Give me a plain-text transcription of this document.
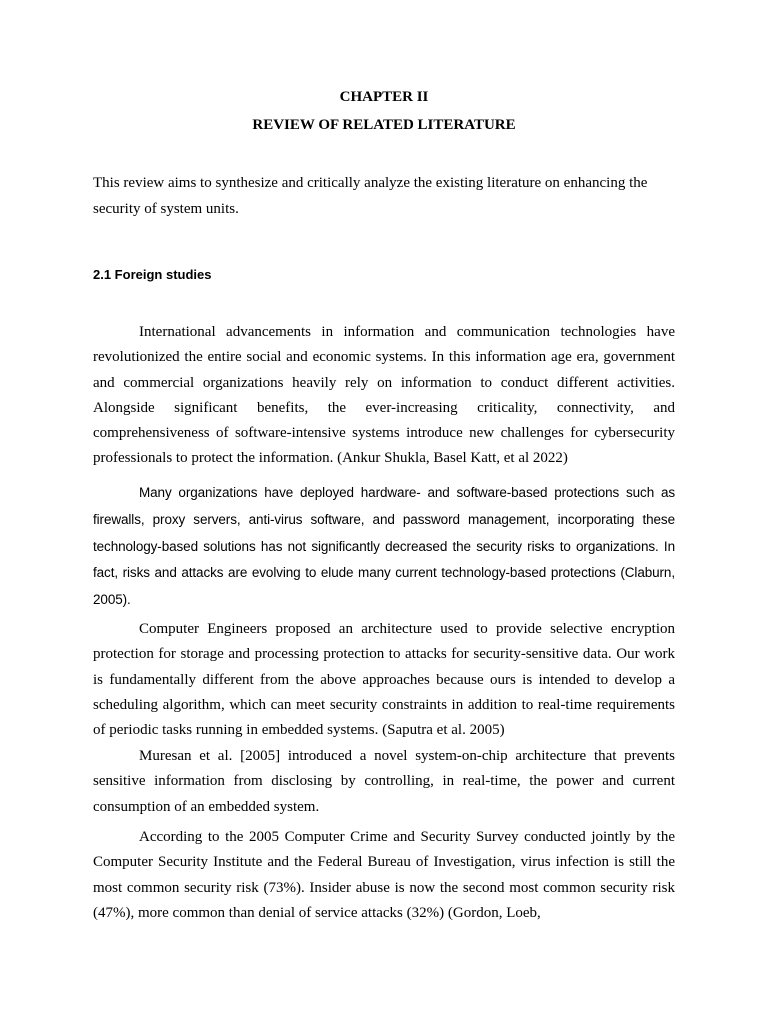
CHAPTER II
REVIEW OF RELATED LITERATURE

This review aims to synthesize and critically analyze the existing literature on enhancing the security of system units.

2.1 Foreign studies

International advancements in information and communication technologies have revolutionized the entire social and economic systems. In this information age era, government and commercial organizations heavily rely on information to conduct different activities. Alongside significant benefits, the ever-increasing criticality, connectivity, and comprehensiveness of software-intensive systems introduce new challenges for cybersecurity professionals to protect the information. (Ankur Shukla, Basel Katt, et al 2022)

Many organizations have deployed hardware- and software-based protections such as firewalls, proxy servers, anti-virus software, and password management, incorporating these technology-based solutions has not significantly decreased the security risks to organizations. In fact, risks and attacks are evolving to elude many current technology-based protections (Claburn, 2005).

Computer Engineers proposed an architecture used to provide selective encryption protection for storage and processing protection to attacks for security-sensitive data. Our work is fundamentally different from the above approaches because ours is intended to develop a scheduling algorithm, which can meet security constraints in addition to real-time requirements of periodic tasks running in embedded systems. (Saputra et al. 2005)

Muresan et al. [2005] introduced a novel system-on-chip architecture that prevents sensitive information from disclosing by controlling, in real-time, the power and current consumption of an embedded system.

According to the 2005 Computer Crime and Security Survey conducted jointly by the Computer Security Institute and the Federal Bureau of Investigation, virus infection is still the most common security risk (73%). Insider abuse is now the second most common security risk (47%), more common than denial of service attacks (32%) (Gordon, Loeb,
